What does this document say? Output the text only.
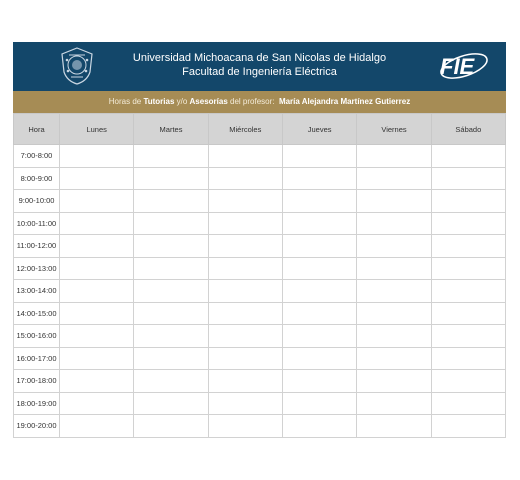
Universidad Michoacana de San Nicolas de Hidalgo
Facultad de Ingeniería Eléctrica	FIE
Horas de Tutorias y/o Asesorías del profesor:  María Alejandra Martínez Gutierrez
Hora	Lunes	Martes	Miércoles	Jueves	Viernes	Sábado
7:00-8:00						
8:00-9:00						
9:00-10:00						
10:00-11:00						
11:00-12:00						
12:00-13:00						
13:00-14:00						
14:00-15:00						
15:00-16:00						
16:00-17:00						
17:00-18:00						
18:00-19:00						
19:00-20:00						
